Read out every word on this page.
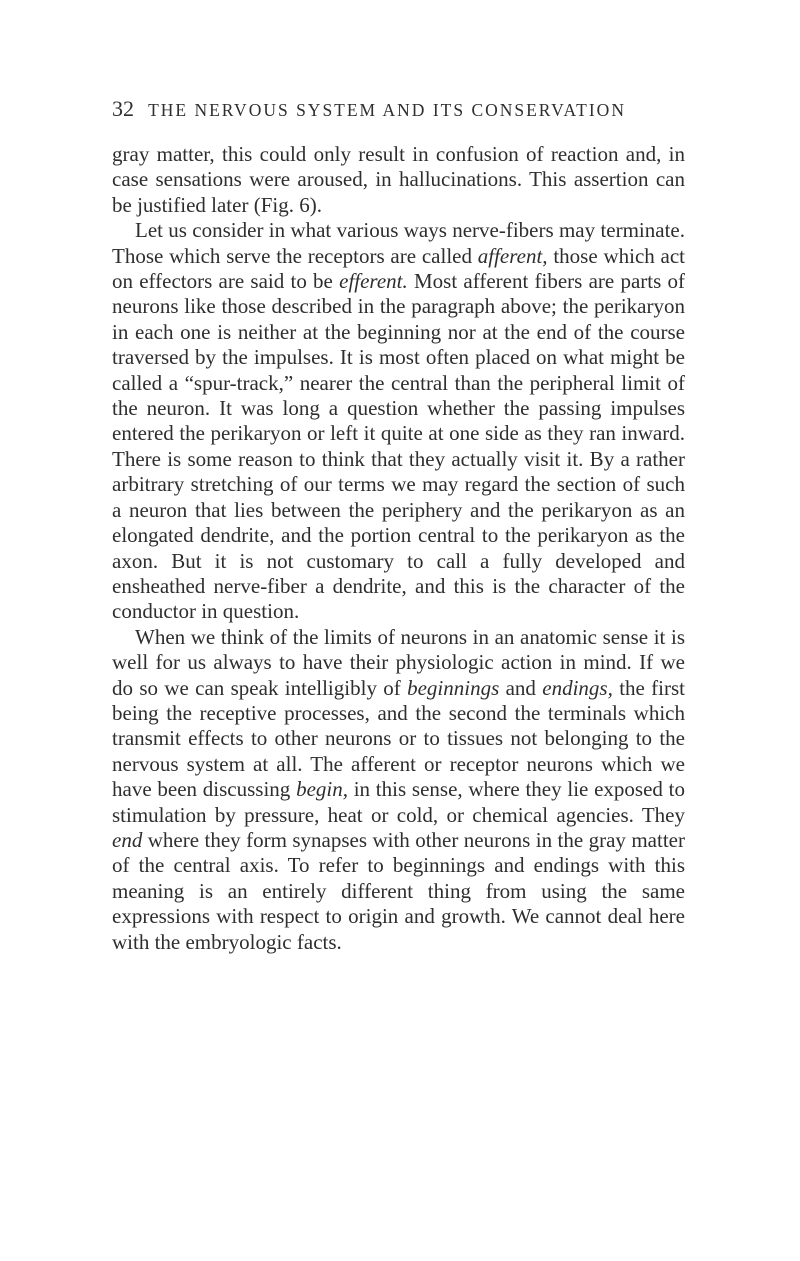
32 THE NERVOUS SYSTEM AND ITS CONSERVATION

gray matter, this could only result in confusion of reaction and, in case sensations were aroused, in hallucinations. This assertion can be justified later (Fig. 6).

Let us consider in what various ways nerve-fibers may terminate. Those which serve the receptors are called afferent, those which act on effectors are said to be efferent. Most afferent fibers are parts of neurons like those described in the paragraph above; the perikaryon in each one is neither at the beginning nor at the end of the course traversed by the impulses. It is most often placed on what might be called a “spur-track,” nearer the central than the peripheral limit of the neuron. It was long a question whether the passing impulses entered the perikaryon or left it quite at one side as they ran inward. There is some reason to think that they actually visit it. By a rather arbitrary stretching of our terms we may regard the section of such a neuron that lies between the periphery and the perikaryon as an elongated dendrite, and the portion central to the perikaryon as the axon. But it is not customary to call a fully developed and ensheathed nerve-fiber a dendrite, and this is the character of the conductor in question.

When we think of the limits of neurons in an anatomic sense it is well for us always to have their physiologic action in mind. If we do so we can speak intelligibly of beginnings and endings, the first being the receptive processes, and the second the terminals which transmit effects to other neurons or to tissues not belonging to the nervous system at all. The afferent or receptor neurons which we have been discussing begin, in this sense, where they lie exposed to stimulation by pressure, heat or cold, or chemical agencies. They end where they form synapses with other neurons in the gray matter of the central axis. To refer to beginnings and endings with this meaning is an entirely different thing from using the same expressions with respect to origin and growth. We cannot deal here with the embryologic facts.
